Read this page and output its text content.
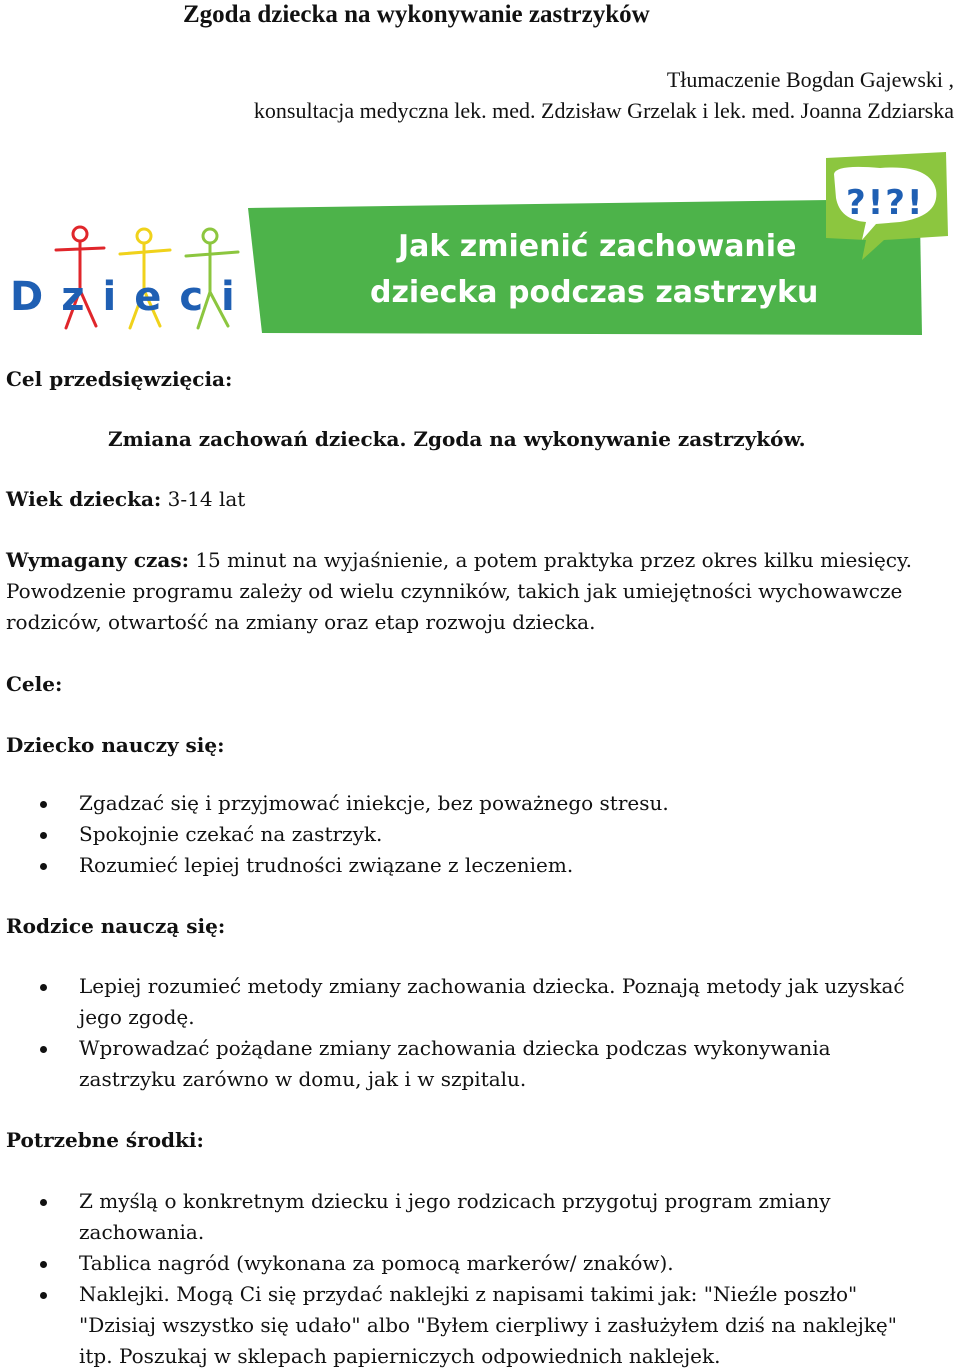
Zgoda dziecka na wykonywanie zastrzyków
Tłumaczenie Bogdan Gajewski ,
konsultacja medyczna lek. med. Zdzisław Grzelak i lek. med. Joanna Zdziarska
?!?!
Jak zmienić zachowanie
dziecka podczas zastrzyku
Dzieci

Cel przedsięwzięcia:

Zmiana zachowań dziecka. Zgoda na wykonywanie zastrzyków.

Wiek dziecka: 3-14 lat

Wymagany czas: 15 minut na wyjaśnienie, a potem praktyka przez okres kilku miesięcy. Powodzenie programu zależy od wielu czynników, takich jak umiejętności wychowawcze rodziców, otwartość na zmiany oraz etap rozwoju dziecka.

Cele:

Dziecko nauczy się:

Zgadzać się i przyjmować iniekcje, bez poważnego stresu.
Spokojnie czekać na zastrzyk.
Rozumieć lepiej trudności związane z leczeniem.

Rodzice nauczą się:

Lepiej rozumieć metody zmiany zachowania dziecka. Poznają metody jak uzyskać jego zgodę.
Wprowadzać pożądane zmiany zachowania dziecka podczas wykonywania zastrzyku zarówno w domu, jak i w szpitalu.

Potrzebne środki:

Z myślą o konkretnym dziecku i jego rodzicach przygotuj program zmiany zachowania.
Tablica nagród (wykonana za pomocą markerów/ znaków).
Naklejki. Mogą Ci się przydać naklejki z napisami takimi jak: "Nieźle poszło" "Dzisiaj wszystko się udało" albo "Byłem cierpliwy i zasłużyłem dziś na naklejkę" itp. Poszukaj w sklepach papierniczych odpowiednich naklejek.
